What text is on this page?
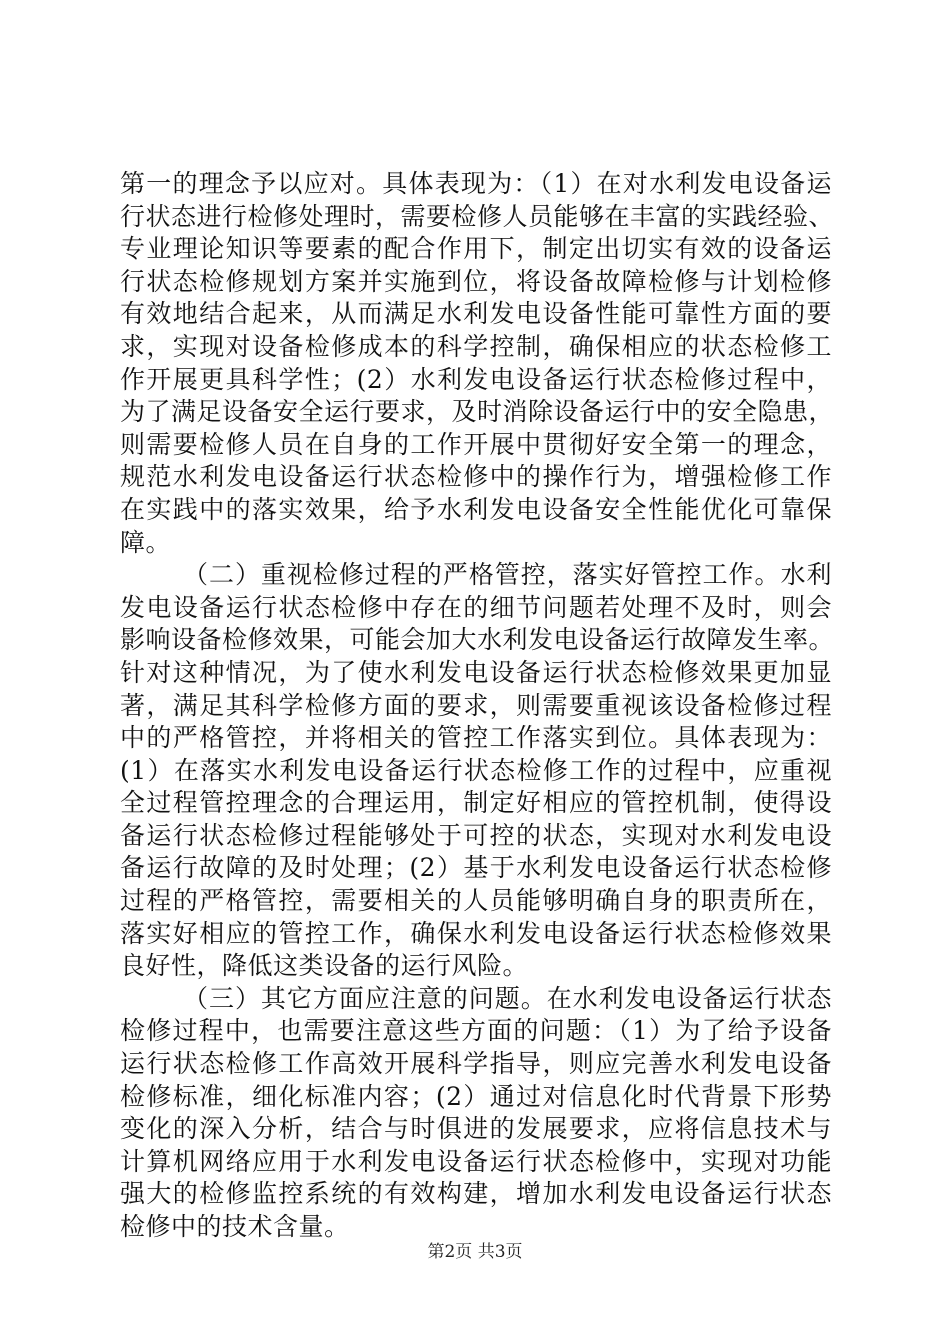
第一的理念予以应对。具体表现为：（1）在对水利发电设备运
行状态进行检修处理时，需要检修人员能够在丰富的实践经验、
专业理论知识等要素的配合作用下，制定出切实有效的设备运
行状态检修规划方案并实施到位，将设备故障检修与计划检修
有效地结合起来，从而满足水利发电设备性能可靠性方面的要
求，实现对设备检修成本的科学控制，确保相应的状态检修工
作开展更具科学性；(2）水利发电设备运行状态检修过程中，
为了满足设备安全运行要求，及时消除设备运行中的安全隐患，
则需要检修人员在自身的工作开展中贯彻好安全第一的理念，
规范水利发电设备运行状态检修中的操作行为，增强检修工作
在实践中的落实效果，给予水利发电设备安全性能优化可靠保
障。
（二）重视检修过程的严格管控，落实好管控工作。水利
发电设备运行状态检修中存在的细节问题若处理不及时，则会
影响设备检修效果，可能会加大水利发电设备运行故障发生率。
针对这种情况，为了使水利发电设备运行状态检修效果更加显
著，满足其科学检修方面的要求，则需要重视该设备检修过程
中的严格管控，并将相关的管控工作落实到位。具体表现为：
(1）在落实水利发电设备运行状态检修工作的过程中，应重视
全过程管控理念的合理运用，制定好相应的管控机制，使得设
备运行状态检修过程能够处于可控的状态，实现对水利发电设
备运行故障的及时处理；(2）基于水利发电设备运行状态检修
过程的严格管控，需要相关的人员能够明确自身的职责所在，
落实好相应的管控工作，确保水利发电设备运行状态检修效果
良好性，降低这类设备的运行风险。
（三）其它方面应注意的问题。在水利发电设备运行状态
检修过程中，也需要注意这些方面的问题：（1）为了给予设备
运行状态检修工作高效开展科学指导，则应完善水利发电设备
检修标准，细化标准内容；(2）通过对信息化时代背景下形势
变化的深入分析，结合与时俱进的发展要求，应将信息技术与
计算机网络应用于水利发电设备运行状态检修中，实现对功能
强大的检修监控系统的有效构建，增加水利发电设备运行状态
检修中的技术含量。
第2页 共3页
